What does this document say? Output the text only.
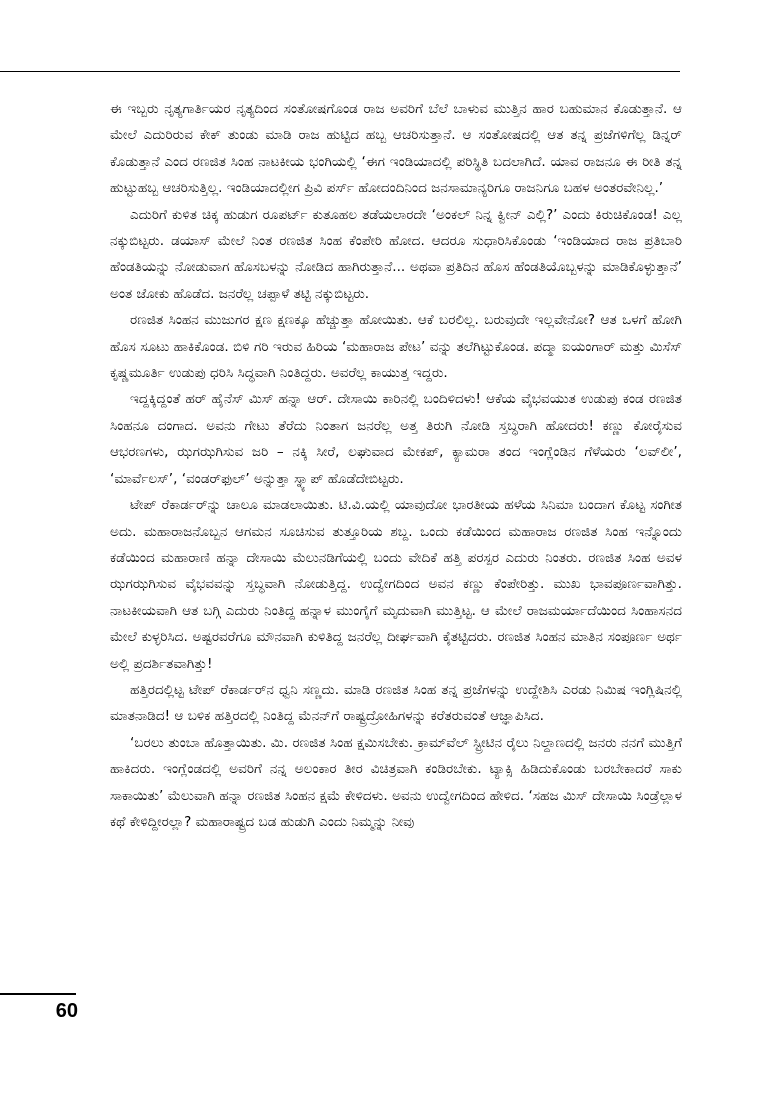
ಈ ಇಬ್ಬರು ನೃತ್ಯಗಾರ್ತಿಯರ ನೃತ್ಯದಿಂದ ಸಂತೋಷಗೊಂಡ ರಾಜ ಅವರಿಗೆ ಬೆಲೆ ಬಾಳುವ ಮುತ್ತಿನ ಹಾರ ಬಹುಮಾನ ಕೊಡುತ್ತಾನೆ. ಆ ಮೇಲೆ ಎದುರಿರುವ ಕೇಕ್ ತುಂಡು ಮಾಡಿ ರಾಜ ಹುಟ್ಟಿದ ಹಬ್ಬ ಆಚರಿಸುತ್ತಾನೆ. ಆ ಸಂತೋಷದಲ್ಲಿ ಆತ ತನ್ನ ಪ್ರಜೆಗಳಿಗೆಲ್ಲ ಡಿನ್ನರ್ ಕೊಡುತ್ತಾನೆ ಎಂದ ರಣಜಿತ ಸಿಂಹ ನಾಟಕೀಯ ಭಂಗಿಯಲ್ಲಿ ‘ಈಗ ಇಂಡಿಯಾದಲ್ಲಿ ಪರಿಸ್ಥಿತಿ ಬದಲಾಗಿದೆ. ಯಾವ ರಾಜನೂ ಈ ರೀತಿ ತನ್ನ ಹುಟ್ಟುಹಬ್ಬ ಆಚರಿಸುತ್ತಿಲ್ಲ. ಇಂಡಿಯಾದಲ್ಲೀಗ ಪ್ರಿವಿ ಪರ್ಸ್ ಹೋದಂದಿನಿಂದ ಜನಸಾಮಾನ್ಯರಿಗೂ ರಾಜನಿಗೂ ಬಹಳ ಅಂತರವೇನಿಲ್ಲ.’

ಎದುರಿಗೆ ಕುಳಿತ ಚಿಕ್ಕ ಹುಡುಗ ರೂಪರ್ಟ್ ಕುತೂಹಲ ತಡೆಯಲಾರದೇ ‘ಅಂಕಲ್ ನಿನ್ನ ಕ್ವೀನ್ ಎಲ್ಲಿ?’ ಎಂದು ಕಿರುಚಿಕೊಂಡ! ಎಲ್ಲ ನಕ್ಕುಬಿಟ್ಟರು. ಡಯಾಸ್ ಮೇಲೆ ನಿಂತ ರಣಜಿತ ಸಿಂಹ ಕೆಂಪೇರಿ ಹೋದ. ಆದರೂ ಸುಧಾರಿಸಿಕೊಂಡು ‘ಇಂಡಿಯಾದ ರಾಜ ಪ್ರತಿಬಾರಿ ಹೆಂಡತಿಯನ್ನು ನೋಡುವಾಗ ಹೊಸಬಳನ್ನು ನೋಡಿದ ಹಾಗಿರುತ್ತಾನೆ... ಅಥವಾ ಪ್ರತಿದಿನ ಹೊಸ ಹೆಂಡತಿಯೊಬ್ಬಳನ್ನು ಮಾಡಿಕೊಳ್ಳುತ್ತಾನೆ’ ಅಂತ ಜೋಕು ಹೊಡೆದ. ಜನರೆಲ್ಲ ಚಪ್ಪಾಳೆ ತಟ್ಟಿ ನಕ್ಕುಬಿಟ್ಟರು.

ರಣಜಿತ ಸಿಂಹನ ಮುಜುಗರ ಕ್ಷಣ ಕ್ಷಣಕ್ಕೂ ಹೆಚ್ಚುತ್ತಾ ಹೋಯಿತು. ಆಕೆ ಬರಲಿಲ್ಲ. ಬರುವುದೇ ಇಲ್ಲವೇನೋ? ಆತ ಒಳಗೆ ಹೋಗಿ ಹೊಸ ಸೂಟು ಹಾಕಿಕೊಂಡ. ಬಿಳಿ ಗರಿ ಇರುವ ಹಿರಿಯ ‘ಮಹಾರಾಜ ಪೇಟ’ ವನ್ನು ತಲೆಗಿಟ್ಟುಕೊಂಡ. ಪದ್ಮಾ ಐಯಂಗಾರ್ ಮತ್ತು ಮಿಸೆಸ್ ಕೃಷ್ಣಮೂರ್ತಿ ಉಡುಪು ಧರಿಸಿ ಸಿದ್ಧವಾಗಿ ನಿಂತಿದ್ದರು. ಅವರೆಲ್ಲ ಕಾಯುತ್ತ ಇದ್ದರು.

ಇದ್ದಕ್ಕಿದ್ದಂತೆ ಹರ್ ಹೈನೆಸ್ ಮಿಸ್ ಹನ್ನಾ ಆರ್. ದೇಸಾಯಿ ಕಾರಿನಲ್ಲಿ ಬಂದಿಳಿದಳು! ಆಕೆಯ ವೈಭವಯುತ ಉಡುಪು ಕಂಡ ರಣಜಿತ ಸಿಂಹನೂ ದಂಗಾದ. ಅವನು ಗೇಟು ತೆರೆದು ನಿಂತಾಗ ಜನರೆಲ್ಲ ಅತ್ತ ತಿರುಗಿ ನೋಡಿ ಸ್ತಬ್ಧರಾಗಿ ಹೋದರು! ಕಣ್ಣು ಕೋರೈಸುವ ಆಭರಣಗಳು, ಝಗಝಗಿಸುವ ಜರಿ – ನಕ್ಕಿ ಸೀರೆ, ಲಘುವಾದ ಮೇಕಪ್, ಕ್ಯಾಮರಾ ತಂದ ಇಂಗ್ಲೆಂಡಿನ ಗೆಳೆಯರು ‘ಲವ್‌ಲೀ’, ‘ಮಾರ್ವೆಲಸ್’, ‘ವಂಡರ್‌ಫುಲ್’ ಅನ್ನುತ್ತಾ ಸ್ನ್ಯಾಪ್ ಹೊಡೆದೇಬಿಟ್ಟರು.

ಟೇಪ್ ರೆಕಾರ್ಡರ್‌ನ್ನು ಚಾಲೂ ಮಾಡಲಾಯಿತು. ಟಿ.ವಿ.ಯಲ್ಲಿ ಯಾವುದೋ ಭಾರತೀಯ ಹಳೆಯ ಸಿನಿಮಾ ಬಂದಾಗ ಕೊಟ್ಟ ಸಂಗೀತ ಅದು. ಮಹಾರಾಜನೊಬ್ಬನ ಆಗಮನ ಸೂಚಿಸುವ ತುತ್ತೂರಿಯ ಶಬ್ದ. ಒಂದು ಕಡೆಯಿಂದ ಮಹಾರಾಜ ರಣಜಿತ ಸಿಂಹ ಇನ್ನೊಂದು ಕಡೆಯಿಂದ ಮಹಾರಾಣಿ ಹನ್ನಾ ದೇಸಾಯಿ ಮೆಲುನಡಿಗೆಯಲ್ಲಿ ಬಂದು ವೇದಿಕೆ ಹತ್ತಿ ಪರಸ್ಪರ ಎದುರು ನಿಂತರು. ರಣಜಿತ ಸಿಂಹ ಅವಳ ಝಗಝಗಿಸುವ ವೈಭವವನ್ನು ಸ್ತಬ್ಧವಾಗಿ ನೋಡುತ್ತಿದ್ದ. ಉದ್ವೇಗದಿಂದ ಅವನ ಕಣ್ಣು ಕೆಂಪೇರಿತ್ತು. ಮುಖ ಭಾವಪೂರ್ಣವಾಗಿತ್ತು. ನಾಟಕೀಯವಾಗಿ ಆತ ಬಗ್ಗಿ ಎದುರು ನಿಂತಿದ್ದ ಹನ್ನಾಳ ಮುಂಗೈಗೆ ಮೃದುವಾಗಿ ಮುತ್ತಿಟ್ಟ. ಆ ಮೇಲೆ ರಾಜಮರ್ಯಾದೆಯಿಂದ ಸಿಂಹಾಸನದ ಮೇಲೆ ಕುಳ್ಳರಿಸಿದ. ಅಷ್ಟರವರೆಗೂ ಮೌನವಾಗಿ ಕುಳಿತಿದ್ದ ಜನರೆಲ್ಲ ದೀರ್ಘವಾಗಿ ಕೈತಟ್ಟಿದರು. ರಣಜಿತ ಸಿಂಹನ ಮಾತಿನ ಸಂಪೂರ್ಣ ಅರ್ಥ ಅಲ್ಲಿ ಪ್ರದರ್ಶಿತವಾಗಿತ್ತು!

ಹತ್ತಿರದಲ್ಲಿಟ್ಟ ಟೇಪ್ ರೆಕಾರ್ಡರ್‌ನ ಧ್ವನಿ ಸಣ್ಣದು. ಮಾಡಿ ರಣಜಿತ ಸಿಂಹ ತನ್ನ ಪ್ರಜೆಗಳನ್ನು ಉದ್ದೇಶಿಸಿ ಎರಡು ನಿಮಿಷ ಇಂಗ್ಲಿಷಿನಲ್ಲಿ ಮಾತನಾಡಿದ! ಆ ಬಳಿಕ ಹತ್ತಿರದಲ್ಲಿ ನಿಂತಿದ್ದ ಮೆನನ್‌ಗೆ ರಾಷ್ಟ್ರದ್ರೋಹಿಗಳನ್ನು ಕರೆತರುವಂತೆ ಆಜ್ಞಾಪಿಸಿದ.

‘ಬರಲು ತುಂಬಾ ಹೊತ್ತಾಯಿತು. ಮಿ. ರಣಜಿತ ಸಿಂಹ ಕ್ಷಮಿಸಬೇಕು. ಕ್ರಾಮ್‌ವೆಲ್ ಸ್ಟ್ರೀಟಿನ ರೈಲು ನಿಲ್ದಾಣದಲ್ಲಿ ಜನರು ನನಗೆ ಮುತ್ತಿಗೆ ಹಾಕಿದರು. ಇಂಗ್ಲೆಂಡದಲ್ಲಿ ಅವರಿಗೆ ನನ್ನ ಅಲಂಕಾರ ತೀರ ವಿಚಿತ್ರವಾಗಿ ಕಂಡಿರಬೇಕು. ಟ್ಯಾಕ್ಸಿ ಹಿಡಿದುಕೊಂಡು ಬರಬೇಕಾದರೆ ಸಾಕು ಸಾಕಾಯಿತು’ ಮೆಲುವಾಗಿ ಹನ್ನಾ ರಣಜಿತ ಸಿಂಹನ ಕ್ಷಮೆ ಕೇಳಿದಳು. ಅವನು ಉದ್ವೇಗದಿಂದ ಹೇಳಿದ. ‘ಸಹಜ ಮಿಸ್ ದೇಸಾಯಿ ಸಿಂಡ್ರೆಲ್ಲಾಳ ಕಥೆ ಕೇಳಿದ್ದೀರಲ್ಲಾ? ಮಹಾರಾಷ್ಟ್ರದ ಬಡ ಹುಡುಗಿ ಎಂದು ನಿಮ್ಮನ್ನು ನೀವು

60
